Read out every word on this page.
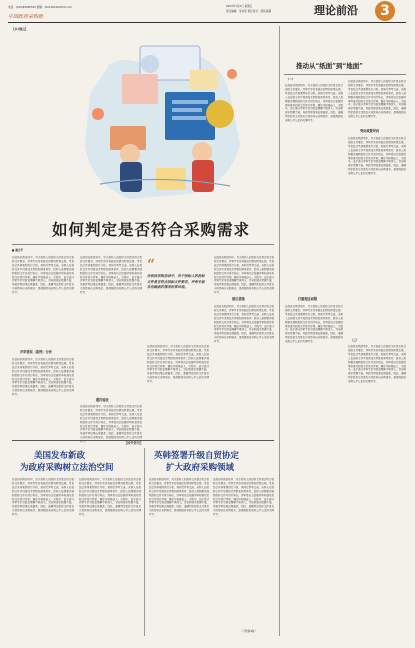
电话：(010)63982552 邮箱：zfcl1401009153.com	2023年1月6日 星期五
责任编辑：李卓苗 责任校对：蓝杨雨露	理论前沿	3
中国政府采购报
【本刊观点】
如何判定是否符合采购需求
■ 潘吉平
在政府采购活动中，对于投标人的投标文件是否符合招标文件要求，评审专家存有疑虑的情况时常出现。笔者结合具体案例进行分析，供同行参考交流。采购人在招标文件中设置技术参数和商务条件，投标人按照要求编制投标文件并进行响应，评审委员会依据评审标准对投标文件进行评审，确定中标候选人。实践中，由于部分评审专家对政策理解不够深入，对采购需求把握不准，导致评审结果出现偏差。因此，准确判定投标文件是否实质性响应采购需求，是保障政府采购公平公正的关键环节。
评审错误（案例）分析
在政府采购活动中，对于投标人的投标文件是否符合招标文件要求，评审专家存有疑虑的情况时常出现。笔者结合具体案例进行分析，供同行参考交流。采购人在招标文件中设置技术参数和商务条件，投标人按照要求编制投标文件并进行响应，评审委员会依据评审标准对投标文件进行评审，确定中标候选人。实践中，由于部分评审专家对政策理解不够深入，对采购需求把握不准，导致评审结果出现偏差。因此，准确判定投标文件是否实质性响应采购需求，是保障政府采购公平公正的关键环节。
在政府采购活动中，对于投标人的投标文件是否符合招标文件要求，评审专家存有疑虑的情况时常出现。笔者结合具体案例进行分析，供同行参考交流。采购人在招标文件中设置技术参数和商务条件，投标人按照要求编制投标文件并进行响应，评审委员会依据评审标准对投标文件进行评审，确定中标候选人。实践中，由于部分评审专家对政策理解不够深入，对采购需求把握不准，导致评审结果出现偏差。因此，准确判定投标文件是否实质性响应采购需求，是保障政府采购公平公正的关键环节。
履约验收
在政府采购活动中，对于投标人的投标文件是否符合招标文件要求，评审专家存有疑虑的情况时常出现。笔者结合具体案例进行分析，供同行参考交流。采购人在招标文件中设置技术参数和商务条件，投标人按照要求编制投标文件并进行响应，评审委员会依据评审标准对投标文件进行评审，确定中标候选人。实践中，由于部分评审专家对政策理解不够深入，对采购需求把握不准，导致评审结果出现偏差。因此，准确判定投标文件是否实质性响应采购需求，是保障政府采购公平公正的关键环节。
“
在政府采购活动中，对于投标人的投标文件是否符合招标文件要求，评审专家存有疑虑的情况时常出现。
在政府采购活动中，对于投标人的投标文件是否符合招标文件要求，评审专家存有疑虑的情况时常出现。笔者结合具体案例进行分析，供同行参考交流。采购人在招标文件中设置技术参数和商务条件，投标人按照要求编制投标文件并进行响应，评审委员会依据评审标准对投标文件进行评审，确定中标候选人。实践中，由于部分评审专家对政策理解不够深入，对采购需求把握不准，导致评审结果出现偏差。因此，准确判定投标文件是否实质性响应采购需求，是保障政府采购公平公正的关键环节。
在政府采购活动中，对于投标人的投标文件是否符合招标文件要求，评审专家存有疑虑的情况时常出现。笔者结合具体案例进行分析，供同行参考交流。采购人在招标文件中设置技术参数和商务条件，投标人按照要求编制投标文件并进行响应，评审委员会依据评审标准对投标文件进行评审，确定中标候选人。实践中，由于部分评审专家对政策理解不够深入，对采购需求把握不准，导致评审结果出现偏差。因此，准确判定投标文件是否实质性响应采购需求，是保障政府采购公平公正的关键环节。
建议措施
在政府采购活动中，对于投标人的投标文件是否符合招标文件要求，评审专家存有疑虑的情况时常出现。笔者结合具体案例进行分析，供同行参考交流。采购人在招标文件中设置技术参数和商务条件，投标人按照要求编制投标文件并进行响应，评审委员会依据评审标准对投标文件进行评审，确定中标候选人。实践中，由于部分评审专家对政策理解不够深入，对采购需求把握不准，导致评审结果出现偏差。因此，准确判定投标文件是否实质性响应采购需求，是保障政府采购公平公正的关键环节。
推动从“纸面”到“地面”
（一）
在政府采购活动中，对于投标人的投标文件是否符合招标文件要求，评审专家存有疑虑的情况时常出现。笔者结合具体案例进行分析，供同行参考交流。采购人在招标文件中设置技术参数和商务条件，投标人按照要求编制投标文件并进行响应，评审委员会依据评审标准对投标文件进行评审，确定中标候选人。实践中，由于部分评审专家对政策理解不够深入，对采购需求把握不准，导致评审结果出现偏差。因此，准确判定投标文件是否实质性响应采购需求，是保障政府采购公平公正的关键环节。
打破理念局限
在政府采购活动中，对于投标人的投标文件是否符合招标文件要求，评审专家存有疑虑的情况时常出现。笔者结合具体案例进行分析，供同行参考交流。采购人在招标文件中设置技术参数和商务条件，投标人按照要求编制投标文件并进行响应，评审委员会依据评审标准对投标文件进行评审，确定中标候选人。实践中，由于部分评审专家对政策理解不够深入，对采购需求把握不准，导致评审结果出现偏差。因此，准确判定投标文件是否实质性响应采购需求，是保障政府采购公平公正的关键环节。
在政府采购活动中，对于投标人的投标文件是否符合招标文件要求，评审专家存有疑虑的情况时常出现。笔者结合具体案例进行分析，供同行参考交流。采购人在招标文件中设置技术参数和商务条件，投标人按照要求编制投标文件并进行响应，评审委员会依据评审标准对投标文件进行评审，确定中标候选人。实践中，由于部分评审专家对政策理解不够深入，对采购需求把握不准，导致评审结果出现偏差。因此，准确判定投标文件是否实质性响应采购需求，是保障政府采购公平公正的关键环节。
突出政策导向
在政府采购活动中，对于投标人的投标文件是否符合招标文件要求，评审专家存有疑虑的情况时常出现。笔者结合具体案例进行分析，供同行参考交流。采购人在招标文件中设置技术参数和商务条件，投标人按照要求编制投标文件并进行响应，评审委员会依据评审标准对投标文件进行评审，确定中标候选人。实践中，由于部分评审专家对政策理解不够深入，对采购需求把握不准，导致评审结果出现偏差。因此，准确判定投标文件是否实质性响应采购需求，是保障政府采购公平公正的关键环节。
（三）
在政府采购活动中，对于投标人的投标文件是否符合招标文件要求，评审专家存有疑虑的情况时常出现。笔者结合具体案例进行分析，供同行参考交流。采购人在招标文件中设置技术参数和商务条件，投标人按照要求编制投标文件并进行响应，评审委员会依据评审标准对投标文件进行评审，确定中标候选人。实践中，由于部分评审专家对政策理解不够深入，对采购需求把握不准，导致评审结果出现偏差。因此，准确判定投标文件是否实质性响应采购需求，是保障政府采购公平公正的关键环节。
【国外资讯】
美国发布新政
为政府采购树立法治空间
英韩签署升级自贸协定
扩大政府采购领域
在政府采购活动中，对于投标人的投标文件是否符合招标文件要求，评审专家存有疑虑的情况时常出现。笔者结合具体案例进行分析，供同行参考交流。采购人在招标文件中设置技术参数和商务条件，投标人按照要求编制投标文件并进行响应，评审委员会依据评审标准对投标文件进行评审，确定中标候选人。实践中，由于部分评审专家对政策理解不够深入，对采购需求把握不准，导致评审结果出现偏差。因此，准确判定投标文件是否实质性响应采购需求，是保障政府采购公平公正的关键环节。
在政府采购活动中，对于投标人的投标文件是否符合招标文件要求，评审专家存有疑虑的情况时常出现。笔者结合具体案例进行分析，供同行参考交流。采购人在招标文件中设置技术参数和商务条件，投标人按照要求编制投标文件并进行响应，评审委员会依据评审标准对投标文件进行评审，确定中标候选人。实践中，由于部分评审专家对政策理解不够深入，对采购需求把握不准，导致评审结果出现偏差。因此，准确判定投标文件是否实质性响应采购需求，是保障政府采购公平公正的关键环节。
在政府采购活动中，对于投标人的投标文件是否符合招标文件要求，评审专家存有疑虑的情况时常出现。笔者结合具体案例进行分析，供同行参考交流。采购人在招标文件中设置技术参数和商务条件，投标人按照要求编制投标文件并进行响应，评审委员会依据评审标准对投标文件进行评审，确定中标候选人。实践中，由于部分评审专家对政策理解不够深入，对采购需求把握不准，导致评审结果出现偏差。因此，准确判定投标文件是否实质性响应采购需求，是保障政府采购公平公正的关键环节。
在政府采购活动中，对于投标人的投标文件是否符合招标文件要求，评审专家存有疑虑的情况时常出现。笔者结合具体案例进行分析，供同行参考交流。采购人在招标文件中设置技术参数和商务条件，投标人按照要求编制投标文件并进行响应，评审委员会依据评审标准对投标文件进行评审，确定中标候选人。实践中，由于部分评审专家对政策理解不够深入，对采购需求把握不准，导致评审结果出现偏差。因此，准确判定投标文件是否实质性响应采购需求，是保障政府采购公平公正的关键环节。
（下转第4版）
